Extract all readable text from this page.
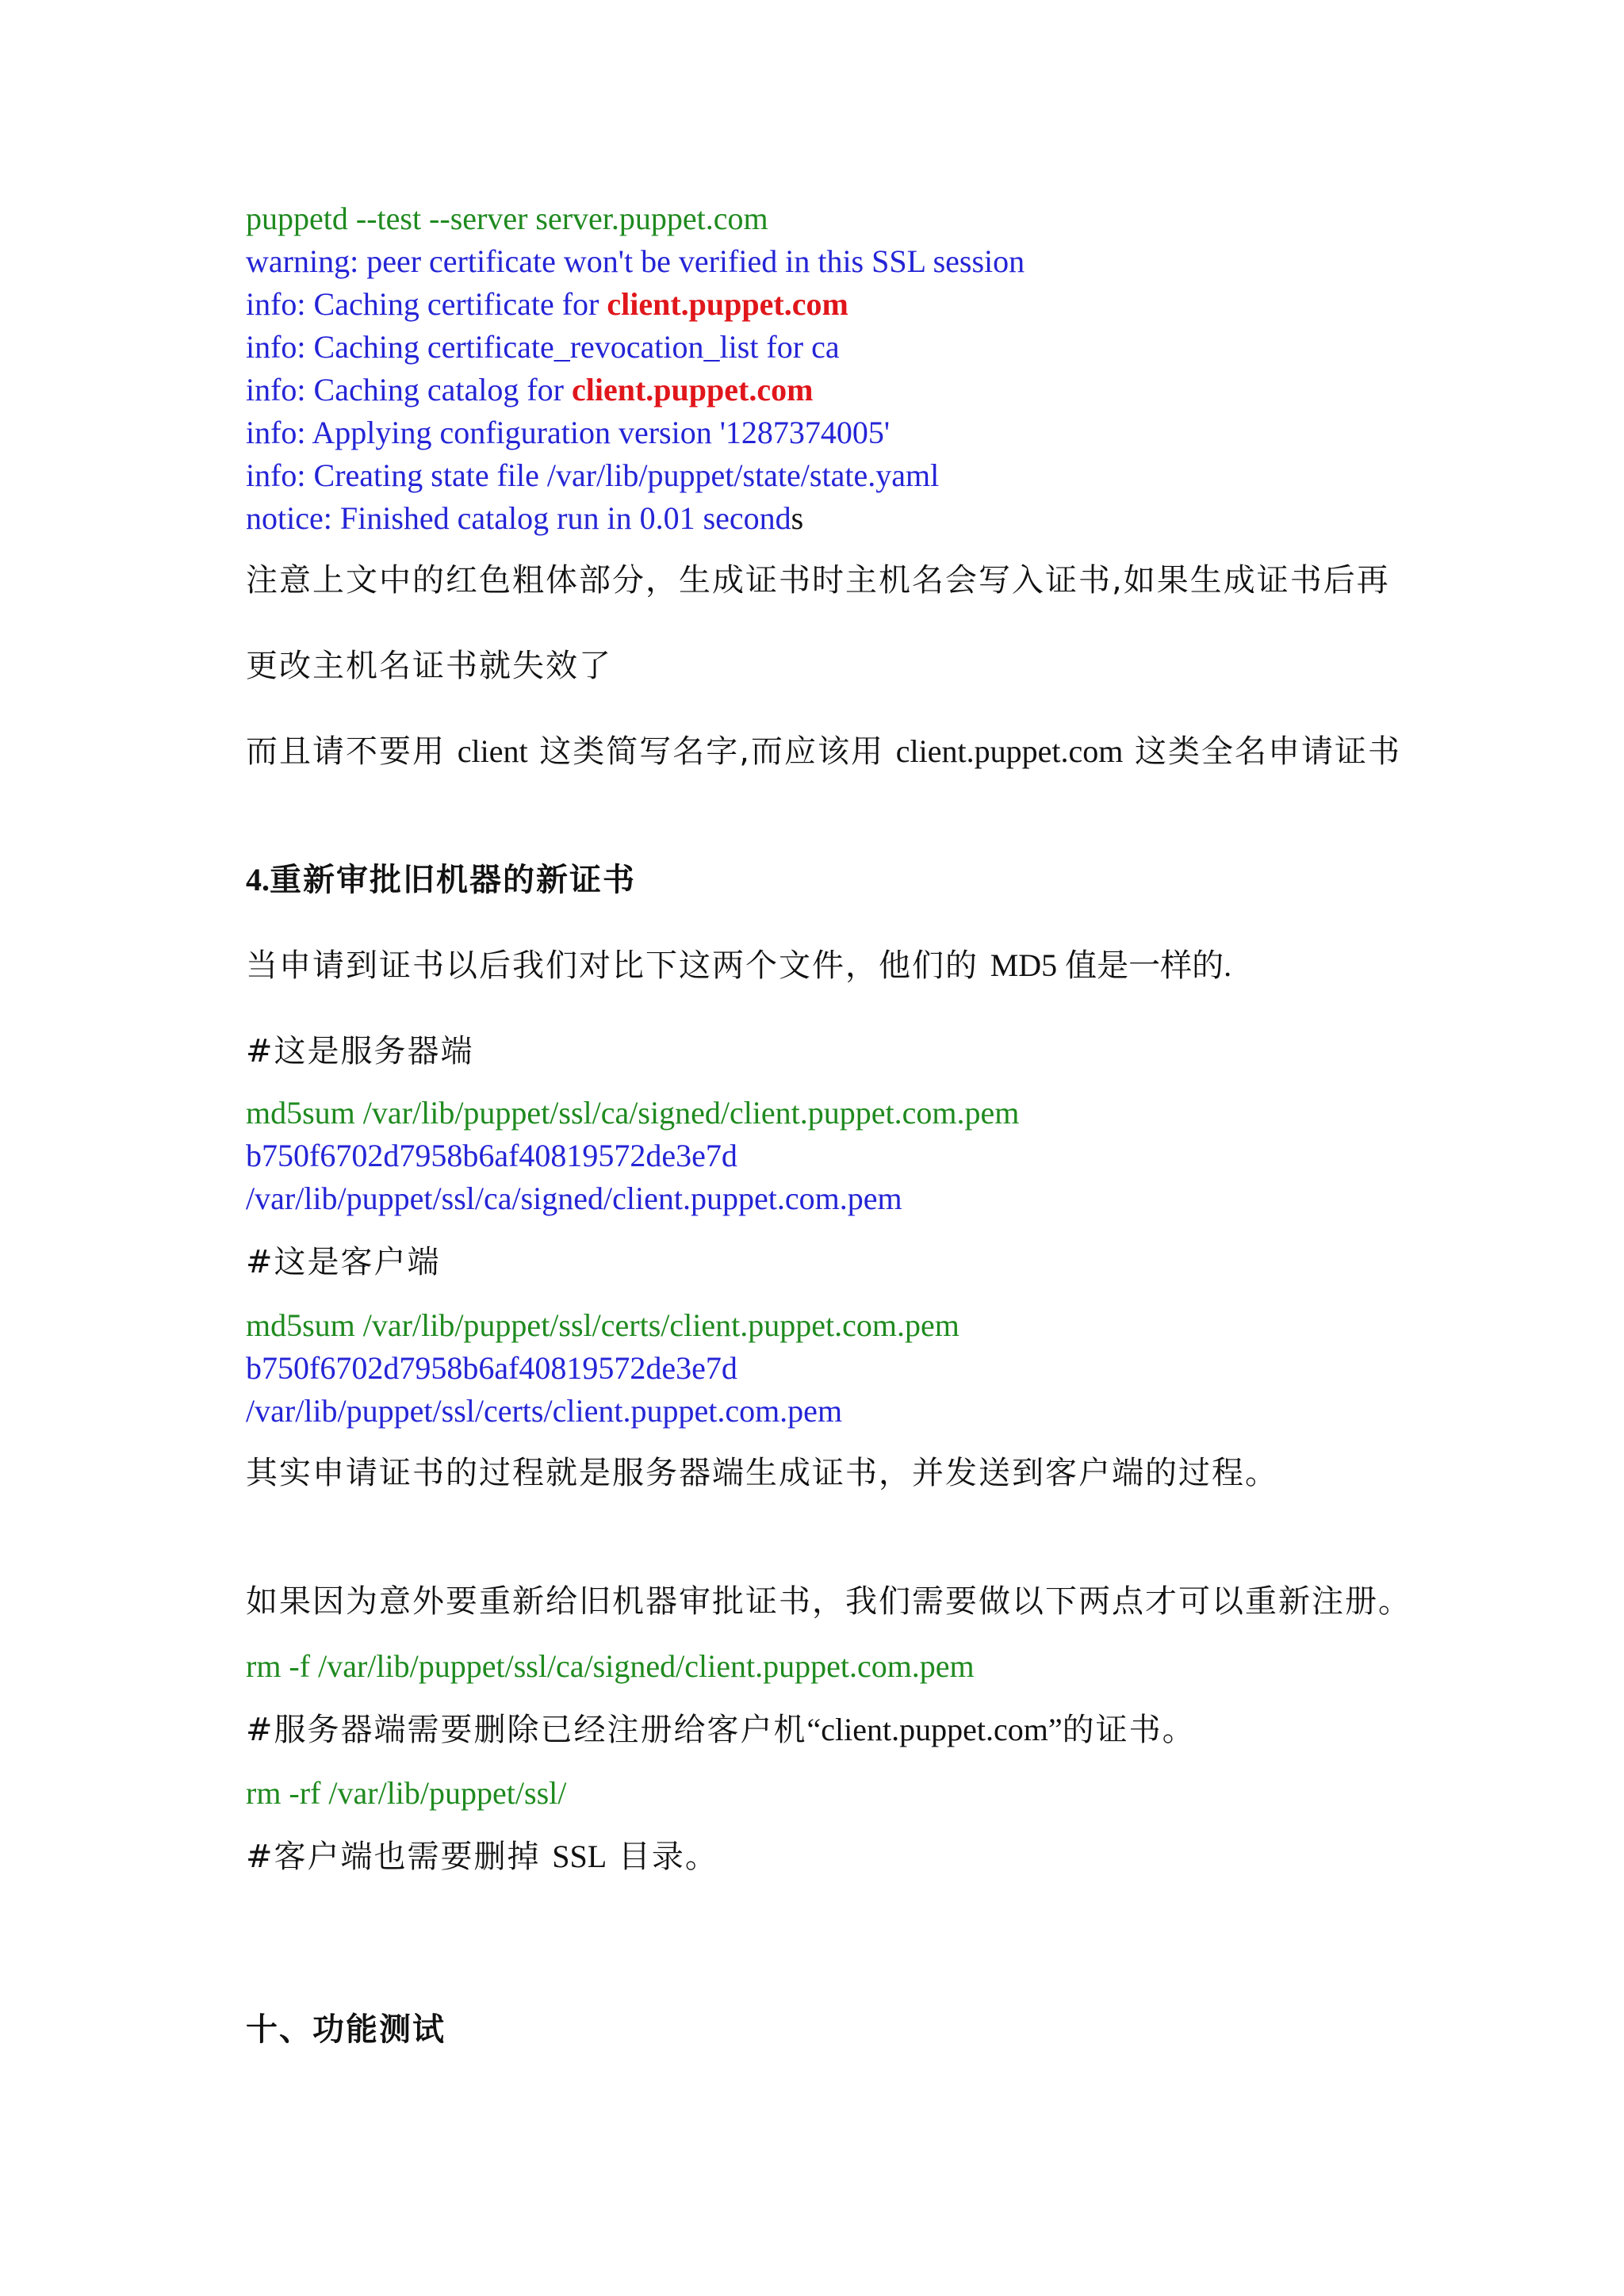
puppetd --test --server server.puppet.com
warning: peer certificate won't be verified in this SSL session
info: Caching certificate for client.puppet.com
info: Caching certificate_revocation_list for ca
info: Caching catalog for client.puppet.com
info: Applying configuration version '1287374005'
info: Creating state file /var/lib/puppet/state/state.yaml
notice: Finished catalog run in 0.01 seconds
注意上文中的红色粗体部分，生成证书时主机名会写入证书,如果生成证书后再
更改主机名证书就失效了
而且请不要用 client 这类简写名字,而应该用 client.puppet.com 这类全名申请证书
4.重新审批旧机器的新证书
当申请到证书以后我们对比下这两个文件，他们的 MD5 值是一样的.
#这是服务器端
md5sum /var/lib/puppet/ssl/ca/signed/client.puppet.com.pem
b750f6702d7958b6af40819572de3e7d
/var/lib/puppet/ssl/ca/signed/client.puppet.com.pem
#这是客户端
md5sum /var/lib/puppet/ssl/certs/client.puppet.com.pem
b750f6702d7958b6af40819572de3e7d
/var/lib/puppet/ssl/certs/client.puppet.com.pem
其实申请证书的过程就是服务器端生成证书，并发送到客户端的过程。
如果因为意外要重新给旧机器审批证书，我们需要做以下两点才可以重新注册。
rm -f /var/lib/puppet/ssl/ca/signed/client.puppet.com.pem
#服务器端需要删除已经注册给客户机“client.puppet.com”的证书。
rm -rf /var/lib/puppet/ssl/
#客户端也需要删掉 SSL 目录。
十、功能测试
